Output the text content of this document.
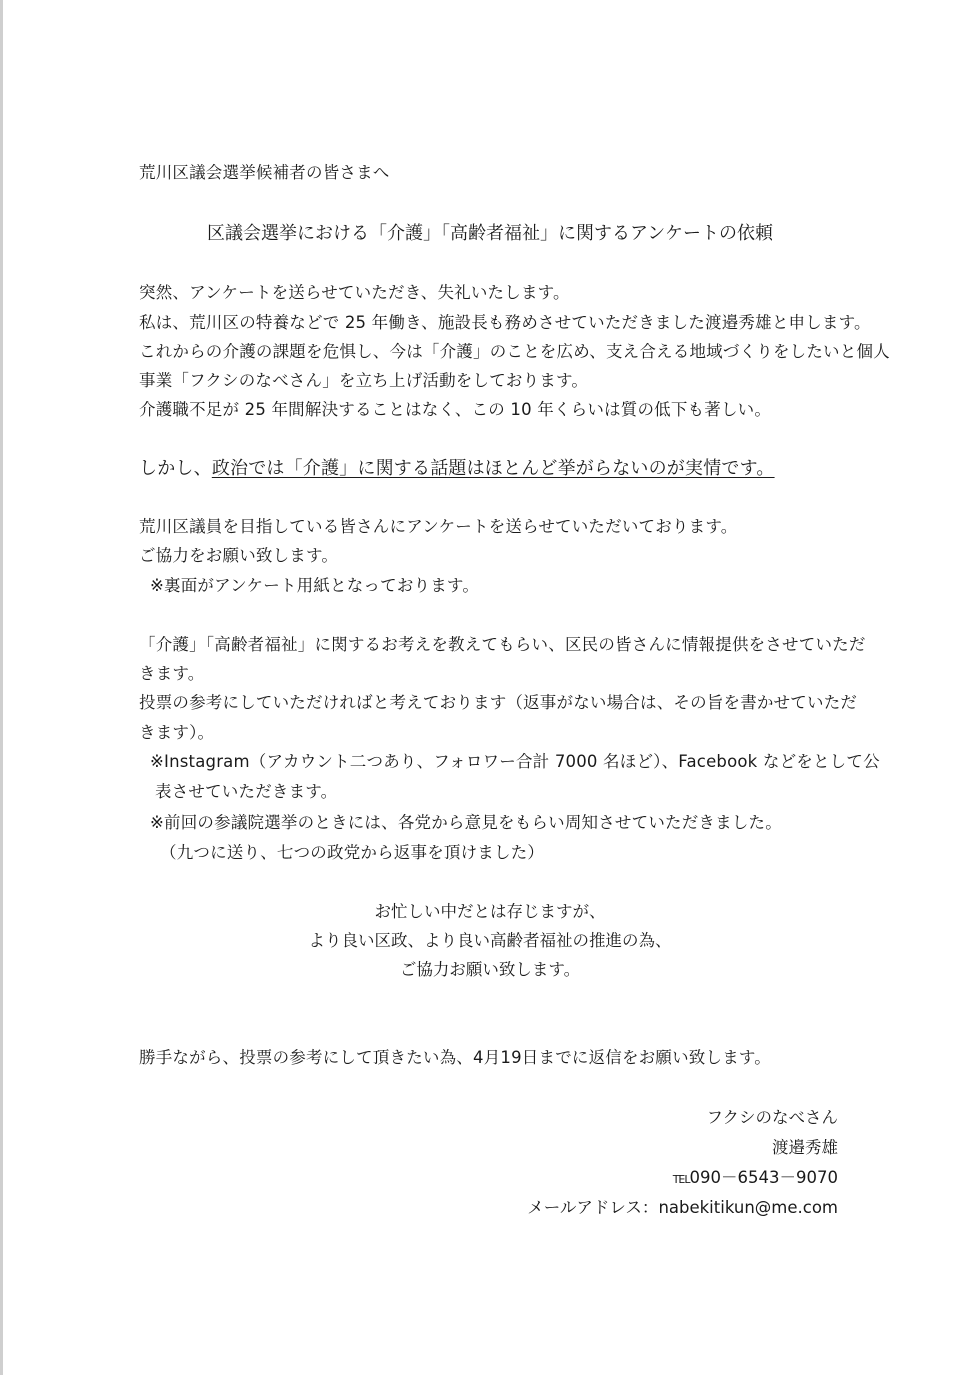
荒川区議会選挙候補者の皆さまへ
区議会選挙における「介護」「高齢者福祉」に関するアンケートの依頼
突然、アンケートを送らせていただき、失礼いたします。
私は、荒川区の特養などで 25 年働き、施設長も務めさせていただきました渡邉秀雄と申します。
これからの介護の課題を危惧し、今は「介護」のことを広め、支え合える地域づくりをしたいと個人
事業「フクシのなべさん」を立ち上げ活動をしております。
介護職不足が 25 年間解決することはなく、この 10 年くらいは質の低下も著しい。
しかし、政治では「介護」に関する話題はほとんど挙がらないのが実情です。
荒川区議員を目指している皆さんにアンケートを送らせていただいております。
ご協力をお願い致します。
※裏面がアンケート用紙となっております。
「介護」「高齢者福祉」に関するお考えを教えてもらい、区民の皆さんに情報提供をさせていただ
きます。
投票の参考にしていただければと考えております（返事がない場合は、その旨を書かせていただ
きます）。
※Instagram（アカウント二つあり、フォロワー合計 7000 名ほど）、Facebook などをとして公
表させていただきます。
※前回の参議院選挙のときには、各党から意見をもらい周知させていただきました。
（九つに送り、七つの政党から返事を頂けました）
お忙しい中だとは存じますが、
より良い区政、より良い高齢者福祉の推進の為、
ご協力お願い致します。
勝手ながら、投票の参考にして頂きたい為、4月19日までに返信をお願い致します。
フクシのなべさん
渡邉秀雄
TEL090－6543－9070
メールアドレス：nabekitikun@me.com
